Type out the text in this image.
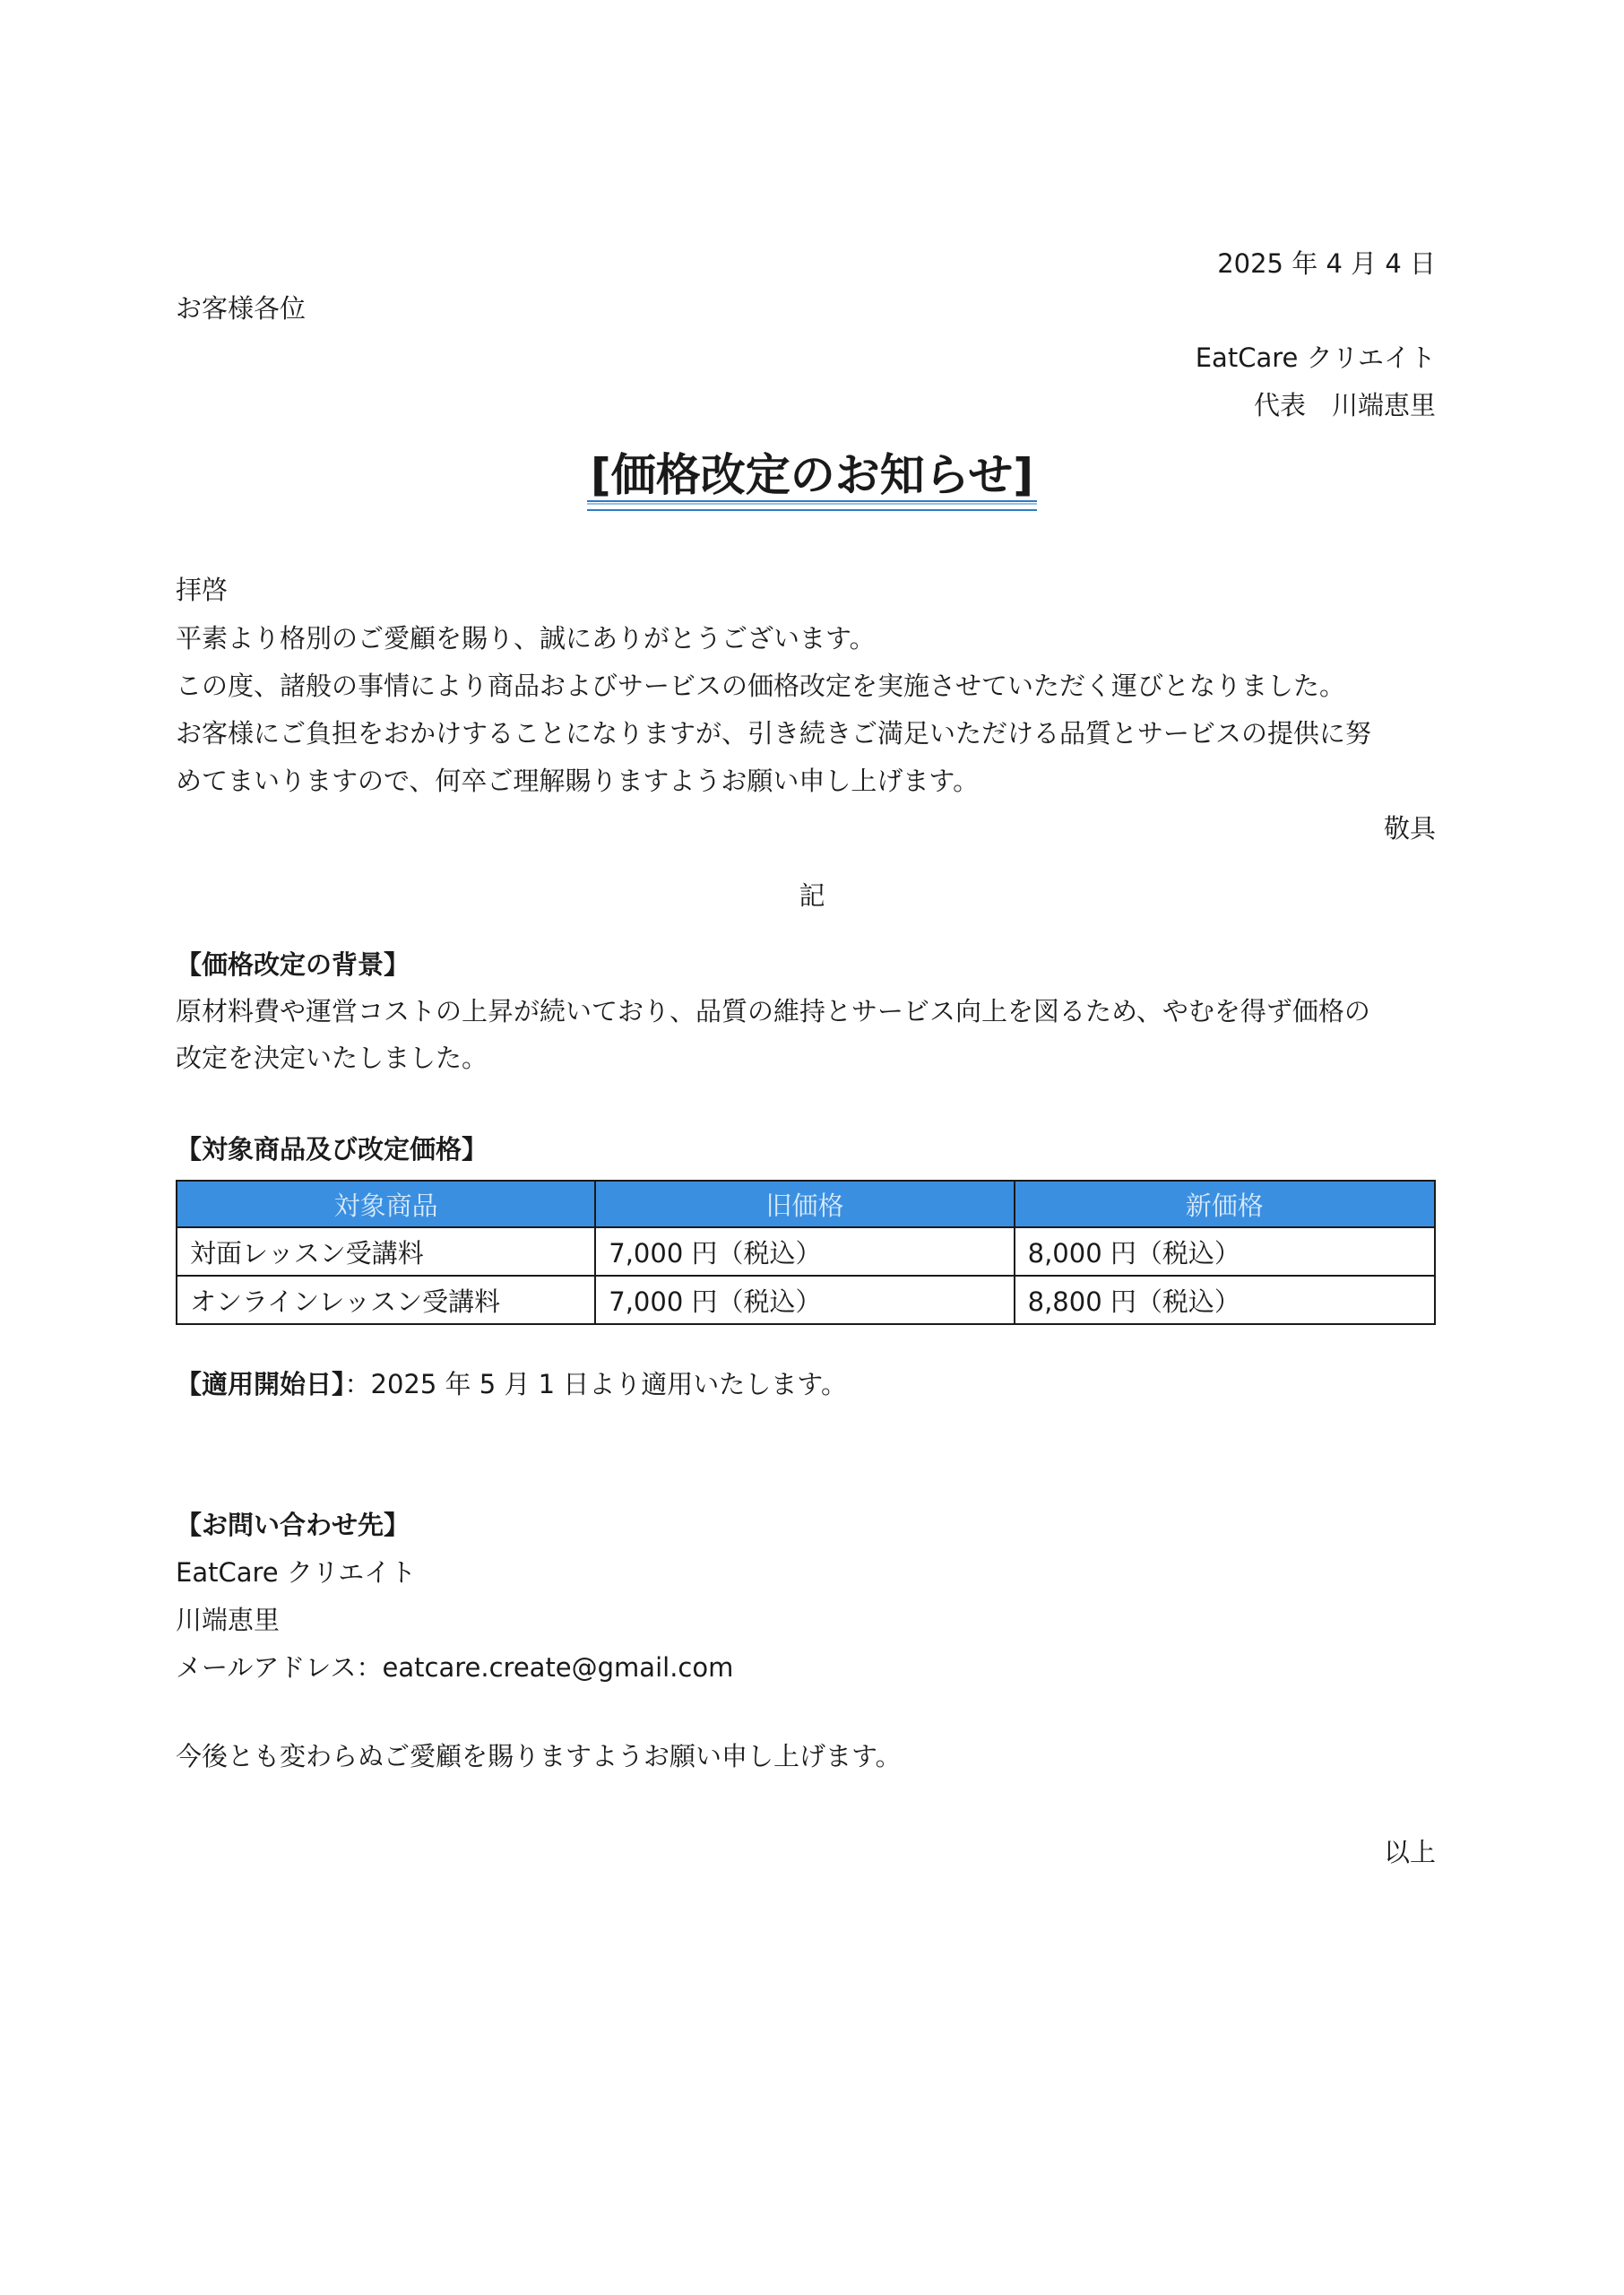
2025 年 4 月 4 日
お客様各位
EatCare クリエイト
代表　川端恵里
[価格改定のお知らせ]
拝啓
平素より格別のご愛顧を賜り、誠にありがとうございます。
この度、諸般の事情により商品およびサービスの価格改定を実施させていただく運びとなりました。
お客様にご負担をおかけすることになりますが、引き続きご満足いただける品質とサービスの提供に努
めてまいりますので、何卒ご理解賜りますようお願い申し上げます。
敬具
記
【価格改定の背景】
原材料費や運営コストの上昇が続いており、品質の維持とサービス向上を図るため、やむを得ず価格の
改定を決定いたしました。
【対象商品及び改定価格】
対象商品	旧価格	新価格
対面レッスン受講料	7,000 円（税込）	8,000 円（税込）
オンラインレッスン受講料	7,000 円（税込）	8,800 円（税込）
【適用開始日】：2025 年 5 月 1 日より適用いたします。
【お問い合わせ先】
EatCare クリエイト
川端恵里
メールアドレス：eatcare.create@gmail.com
今後とも変わらぬご愛顧を賜りますようお願い申し上げます。
以上
